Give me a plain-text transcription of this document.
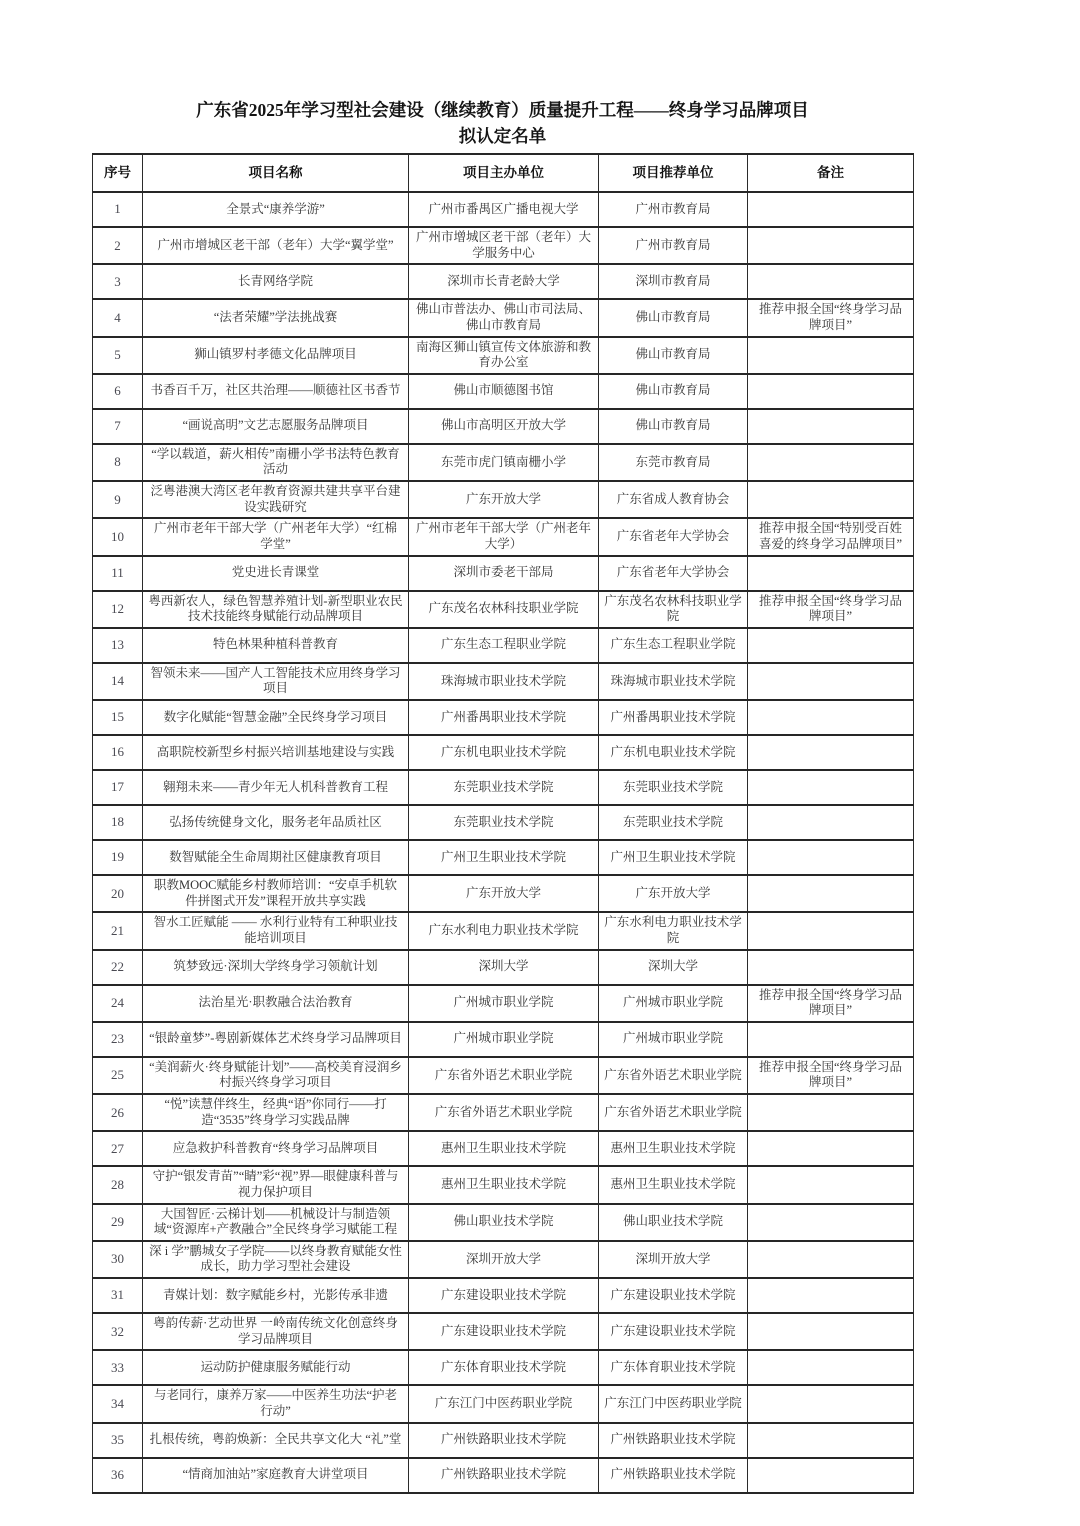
广东省2025年学习型社会建设（继续教育）质量提升工程——终身学习品牌项目
拟认定名单
序号	项目名称	项目主办单位	项目推荐单位	备注
1	全景式“康养学游”	广州市番禺区广播电视大学	广州市教育局	
2	广州市增城区老干部（老年）大学“翼学堂”	广州市增城区老干部（老年）大学服务中心	广州市教育局	
3	长青网络学院	深圳市长青老龄大学	深圳市教育局	
4	“法者荣耀”学法挑战赛	佛山市普法办、佛山市司法局、佛山市教育局	佛山市教育局	推荐申报全国“终身学习品牌项目”
5	狮山镇罗村孝德文化品牌项目	南海区狮山镇宣传文体旅游和教育办公室	佛山市教育局	
6	书香百千万，社区共治理——顺德社区书香节	佛山市顺德图书馆	佛山市教育局	
7	“画说高明”文艺志愿服务品牌项目	佛山市高明区开放大学	佛山市教育局	
8	“学以载道，薪火相传”南栅小学书法特色教育活动	东莞市虎门镇南栅小学	东莞市教育局	
9	泛粤港澳大湾区老年教育资源共建共享平台建设实践研究	广东开放大学	广东省成人教育协会	
10	广州市老年干部大学（广州老年大学）“红棉学堂”	广州市老年干部大学（广州老年大学）	广东省老年大学协会	推荐申报全国“特别受百姓喜爱的终身学习品牌项目”
11	党史进长青课堂	深圳市委老干部局	广东省老年大学协会	
12	粤西新农人，绿色智慧养殖计划-新型职业农民技术技能终身赋能行动品牌项目	广东茂名农林科技职业学院	广东茂名农林科技职业学院	推荐申报全国“终身学习品牌项目”
13	特色林果种植科普教育	广东生态工程职业学院	广东生态工程职业学院	
14	智领未来——国产人工智能技术应用终身学习项目	珠海城市职业技术学院	珠海城市职业技术学院	
15	数字化赋能“智慧金融”全民终身学习项目	广州番禺职业技术学院	广州番禺职业技术学院	
16	高职院校新型乡村振兴培训基地建设与实践	广东机电职业技术学院	广东机电职业技术学院	
17	翱翔未来——青少年无人机科普教育工程	东莞职业技术学院	东莞职业技术学院	
18	弘扬传统健身文化，服务老年品质社区	东莞职业技术学院	东莞职业技术学院	
19	数智赋能全生命周期社区健康教育项目	广州卫生职业技术学院	广州卫生职业技术学院	
20	职教MOOC赋能乡村教师培训：“安卓手机软件拼图式开发”课程开放共享实践	广东开放大学	广东开放大学	
21	智水工匠赋能 —— 水利行业特有工种职业技能培训项目	广东水利电力职业技术学院	广东水利电力职业技术学院	
22	筑梦致远·深圳大学终身学习领航计划	深圳大学	深圳大学	
24	法治星光·职教融合法治教育	广州城市职业学院	广州城市职业学院	推荐申报全国“终身学习品牌项目”
23	“银龄童梦”-粤剧新媒体艺术终身学习品牌项目	广州城市职业学院	广州城市职业学院	
25	“美润薪火·终身赋能计划”——高校美育浸润乡村振兴终身学习项目	广东省外语艺术职业学院	广东省外语艺术职业学院	推荐申报全国“终身学习品牌项目”
26	“悦”读慧伴终生，经典“语”你同行——打造“3535”终身学习实践品牌	广东省外语艺术职业学院	广东省外语艺术职业学院	
27	应急救护科普教育“终身学习品牌项目	惠州卫生职业技术学院	惠州卫生职业技术学院	
28	守护“银发青苗”“睛”彩“视”界—眼健康科普与视力保护项目	惠州卫生职业技术学院	惠州卫生职业技术学院	
29	大国智匠·云梯计划——机械设计与制造领域“资源库+产教融合”全民终身学习赋能工程	佛山职业技术学院	佛山职业技术学院	
30	深 i 学”鹏城女子学院——以终身教育赋能女性成长，助力学习型社会建设	深圳开放大学	深圳开放大学	
31	青媒计划：数字赋能乡村，光影传承非遗	广东建设职业技术学院	广东建设职业技术学院	
32	粤韵传薪·艺动世界 一岭南传统文化创意终身学习品牌项目	广东建设职业技术学院	广东建设职业技术学院	
33	运动防护健康服务赋能行动	广东体育职业技术学院	广东体育职业技术学院	
34	与老同行，康养万家——中医养生功法“护老行动”	广东江门中医药职业学院	广东江门中医药职业学院	
35	扎根传统，粤韵焕新：全民共享文化大 “礼”堂	广州铁路职业技术学院	广州铁路职业技术学院	
36	“情商加油站”家庭教育大讲堂项目	广州铁路职业技术学院	广州铁路职业技术学院	
